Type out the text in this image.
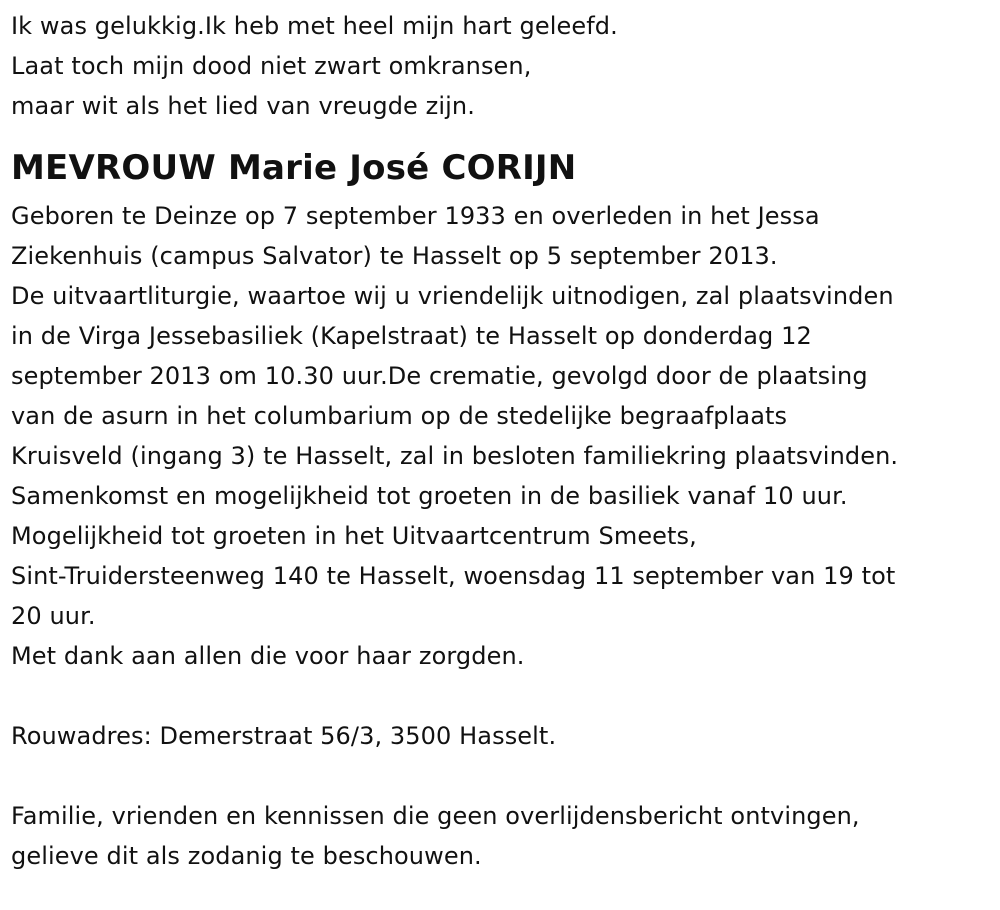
Ik was gelukkig.Ik heb met heel mijn hart geleefd.
Laat toch mijn dood niet zwart omkransen,
maar wit als het lied van vreugde zijn.
MEVROUW Marie José CORIJN
Geboren te Deinze op 7 september 1933 en overleden in het Jessa
Ziekenhuis (campus Salvator) te Hasselt op 5 september 2013.
De uitvaartliturgie, waartoe wij u vriendelijk uitnodigen, zal plaatsvinden
in de Virga Jessebasiliek (Kapelstraat) te Hasselt op donderdag 12
september 2013 om 10.30 uur.De crematie, gevolgd door de plaatsing
van de asurn in het columbarium op de stedelijke begraafplaats
Kruisveld (ingang 3) te Hasselt, zal in besloten familiekring plaatsvinden.
Samenkomst en mogelijkheid tot groeten in de basiliek vanaf 10 uur.
Mogelijkheid tot groeten in het Uitvaartcentrum Smeets,
Sint-Truidersteenweg 140 te Hasselt, woensdag 11 september van 19 tot
20 uur.
Met dank aan allen die voor haar zorgden.
Rouwadres: Demerstraat 56/3, 3500 Hasselt.
Familie, vrienden en kennissen die geen overlijdensbericht ontvingen,
gelieve dit als zodanig te beschouwen.
